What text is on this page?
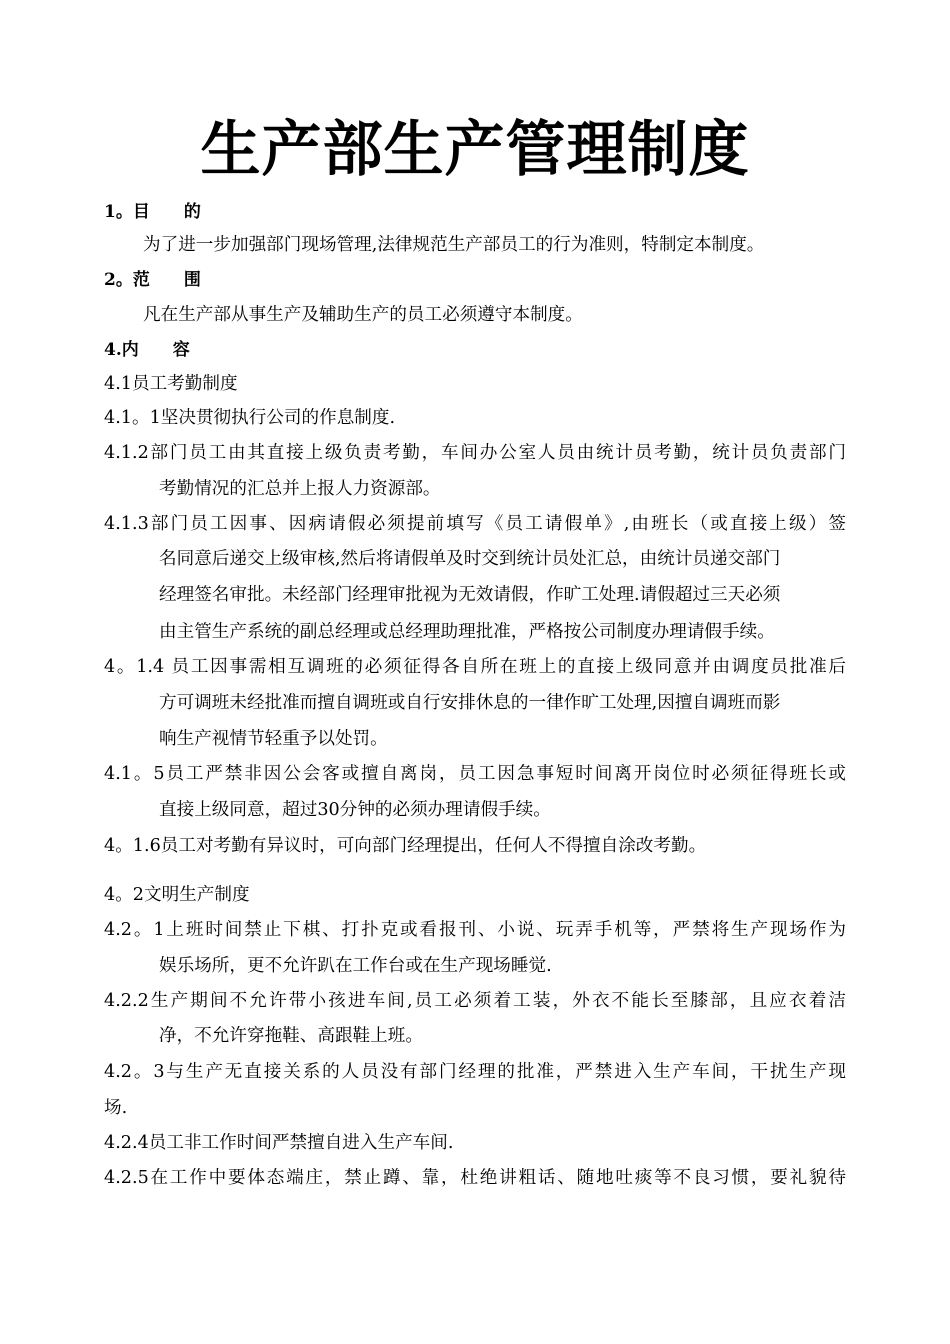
生产部生产管理制度
1。目　　的
为了进一步加强部门现场管理,法律规范生产部员工的行为准则，特制定本制度。
2。范　　围
凡在生产部从事生产及辅助生产的员工必须遵守本制度。
4.内　　容
4.1员工考勤制度
4.1。1坚决贯彻执行公司的作息制度.
4.1.2部门员工由其直接上级负责考勤，车间办公室人员由统计员考勤，统计员负责部门
考勤情况的汇总并上报人力资源部。
4.1.3部门员工因事、因病请假必须提前填写《员工请假单》,由班长（或直接上级）签
名同意后递交上级审核,然后将请假单及时交到统计员处汇总，由统计员递交部门
经理签名审批。未经部门经理审批视为无效请假，作旷工处理.请假超过三天必须
由主管生产系统的副总经理或总经理助理批准，严格按公司制度办理请假手续。
4。1.4 员工因事需相互调班的必须征得各自所在班上的直接上级同意并由调度员批准后
方可调班未经批准而擅自调班或自行安排休息的一律作旷工处理,因擅自调班而影
响生产视情节轻重予以处罚。
4.1。5员工严禁非因公会客或擅自离岗，员工因急事短时间离开岗位时必须征得班长或
直接上级同意，超过30分钟的必须办理请假手续。
4。1.6员工对考勤有异议时，可向部门经理提出，任何人不得擅自涂改考勤。
4。2文明生产制度
4.2。1上班时间禁止下棋、打扑克或看报刊、小说、玩弄手机等，严禁将生产现场作为
娱乐场所，更不允许趴在工作台或在生产现场睡觉.
4.2.2生产期间不允许带小孩进车间,员工必须着工装，外衣不能长至膝部，且应衣着洁
净，不允许穿拖鞋、高跟鞋上班。
4.2。3与生产无直接关系的人员没有部门经理的批准，严禁进入生产车间，干扰生产现
场.
4.2.4员工非工作时间严禁擅自进入生产车间.
4.2.5在工作中要体态端庄，禁止蹲、靠，杜绝讲粗话、随地吐痰等不良习惯，要礼貌待
